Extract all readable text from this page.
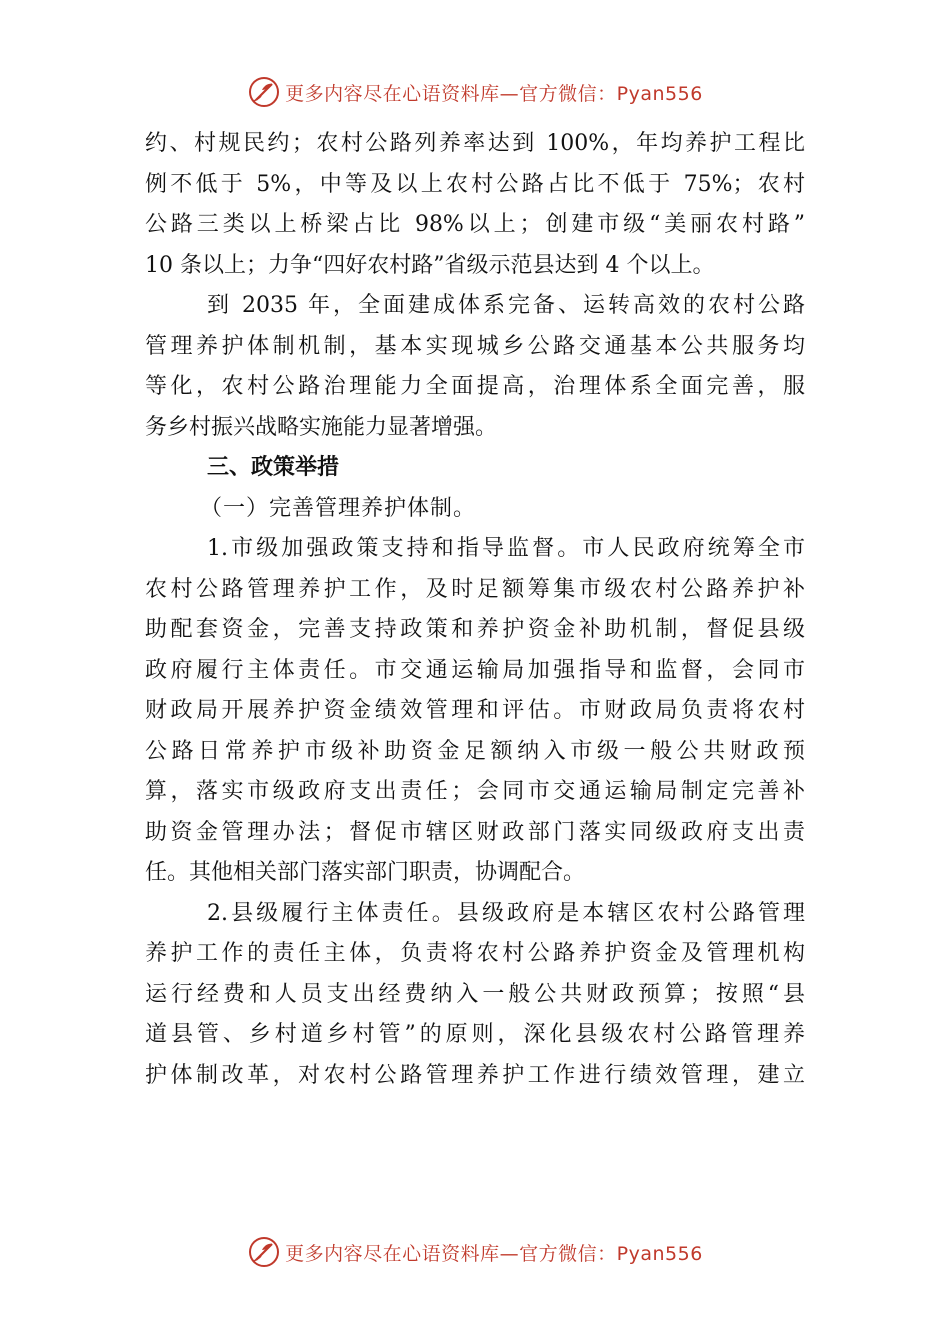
更多内容尽在心语资料库—官方微信：Pyan556
约、村规民约；农村公路列养率达到 100%，年均养护工程比
例不低于 5%，中等及以上农村公路占比不低于 75%；农村
公路三类以上桥梁占比 98%以上；创建市级“美丽农村路”
10 条以上；力争“四好农村路”省级示范县达到 4 个以上。
到 2035 年，全面建成体系完备、运转高效的农村公路
管理养护体制机制，基本实现城乡公路交通基本公共服务均
等化，农村公路治理能力全面提高，治理体系全面完善，服
务乡村振兴战略实施能力显著增强。
三、政策举措
（一）完善管理养护体制。
1.市级加强政策支持和指导监督。市人民政府统筹全市
农村公路管理养护工作，及时足额筹集市级农村公路养护补
助配套资金，完善支持政策和养护资金补助机制，督促县级
政府履行主体责任。市交通运输局加强指导和监督，会同市
财政局开展养护资金绩效管理和评估。市财政局负责将农村
公路日常养护市级补助资金足额纳入市级一般公共财政预
算，落实市级政府支出责任；会同市交通运输局制定完善补
助资金管理办法；督促市辖区财政部门落实同级政府支出责
任。其他相关部门落实部门职责，协调配合。
2.县级履行主体责任。县级政府是本辖区农村公路管理
养护工作的责任主体，负责将农村公路养护资金及管理机构
运行经费和人员支出经费纳入一般公共财政预算；按照“县
道县管、乡村道乡村管”的原则，深化县级农村公路管理养
护体制改革，对农村公路管理养护工作进行绩效管理，建立
更多内容尽在心语资料库—官方微信：Pyan556
